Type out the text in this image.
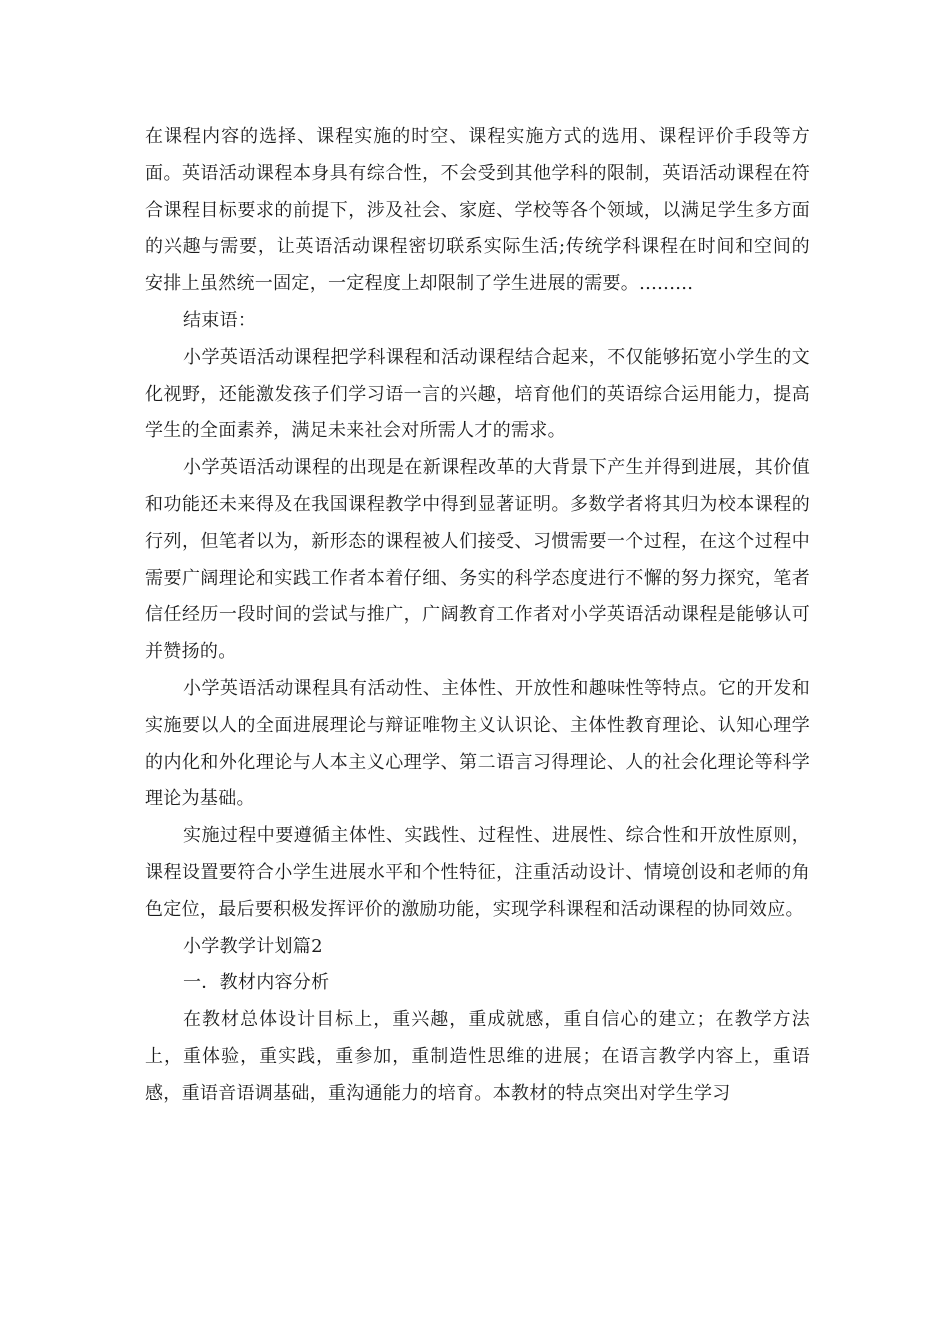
在课程内容的选择、课程实施的时空、课程实施方式的选用、课程评价手段等方面。英语活动课程本身具有综合性，不会受到其他学科的限制，英语活动课程在符合课程目标要求的前提下，涉及社会、家庭、学校等各个领域，以满足学生多方面的兴趣与需要，让英语活动课程密切联系实际生活;传统学科课程在时间和空间的安排上虽然统一固定，一定程度上却限制了学生进展的需要。.........

结束语：

小学英语活动课程把学科课程和活动课程结合起来，不仅能够拓宽小学生的文化视野，还能激发孩子们学习语一言的兴趣，培育他们的英语综合运用能力，提高学生的全面素养，满足未来社会对所需人才的需求。

小学英语活动课程的出现是在新课程改革的大背景下产生并得到进展，其价值和功能还未来得及在我国课程教学中得到显著证明。多数学者将其归为校本课程的行列，但笔者以为，新形态的课程被人们接受、习惯需要一个过程，在这个过程中需要广阔理论和实践工作者本着仔细、务实的科学态度进行不懈的努力探究，笔者信任经历一段时间的尝试与推广，广阔教育工作者对小学英语活动课程是能够认可并赞扬的。

小学英语活动课程具有活动性、主体性、开放性和趣味性等特点。它的开发和实施要以人的全面进展理论与辩证唯物主义认识论、主体性教育理论、认知心理学的内化和外化理论与人本主义心理学、第二语言习得理论、人的社会化理论等科学理论为基础。

实施过程中要遵循主体性、实践性、过程性、进展性、综合性和开放性原则，课程设置要符合小学生进展水平和个性特征，注重活动设计、情境创设和老师的角色定位，最后要积极发挥评价的激励功能，实现学科课程和活动课程的协同效应。

小学教学计划篇2

一．教材内容分析

在教材总体设计目标上，重兴趣，重成就感，重自信心的建立；在教学方法上，重体验，重实践，重参加，重制造性思维的进展；在语言教学内容上，重语感，重语音语调基础，重沟通能力的培育。本教材的特点突出对学生学习
